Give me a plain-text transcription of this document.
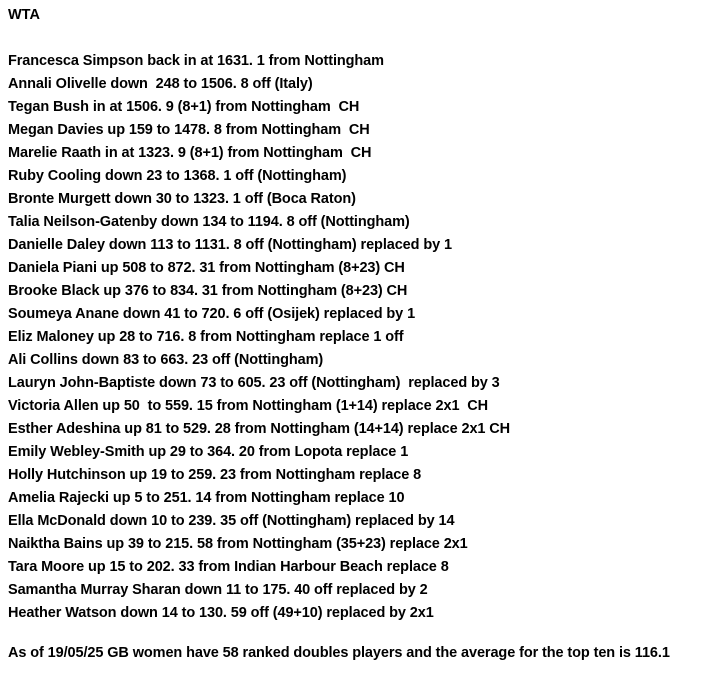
WTA
Francesca Simpson back in at 1631. 1 from Nottingham
Annali Olivelle down  248 to 1506. 8 off (Italy)
Tegan Bush in at 1506. 9 (8+1) from Nottingham  CH
Megan Davies up 159 to 1478. 8 from Nottingham  CH
Marelie Raath in at 1323. 9 (8+1) from Nottingham  CH
Ruby Cooling down 23 to 1368. 1 off (Nottingham)
Bronte Murgett down 30 to 1323. 1 off (Boca Raton)
Talia Neilson-Gatenby down 134 to 1194. 8 off (Nottingham)
Danielle Daley down 113 to 1131. 8 off (Nottingham) replaced by 1
Daniela Piani up 508 to 872. 31 from Nottingham (8+23) CH
Brooke Black up 376 to 834. 31 from Nottingham (8+23) CH
Soumeya Anane down 41 to 720. 6 off (Osijek) replaced by 1
Eliz Maloney up 28 to 716. 8 from Nottingham replace 1 off
Ali Collins down 83 to 663. 23 off (Nottingham)
Lauryn John-Baptiste down 73 to 605. 23 off (Nottingham)  replaced by 3
Victoria Allen up 50  to 559. 15 from Nottingham (1+14) replace 2x1  CH
Esther Adeshina up 81 to 529. 28 from Nottingham (14+14) replace 2x1 CH
Emily Webley-Smith up 29 to 364. 20 from Lopota replace 1
Holly Hutchinson up 19 to 259. 23 from Nottingham replace 8
Amelia Rajecki up 5 to 251. 14 from Nottingham replace 10
Ella McDonald down 10 to 239. 35 off (Nottingham) replaced by 14
Naiktha Bains up 39 to 215. 58 from Nottingham (35+23) replace 2x1
Tara Moore up 15 to 202. 33 from Indian Harbour Beach replace 8
Samantha Murray Sharan down 11 to 175. 40 off replaced by 2
Heather Watson down 14 to 130. 59 off (49+10) replaced by 2x1
As of 19/05/25 GB women have 58 ranked doubles players and the average for the top ten is 116.1
